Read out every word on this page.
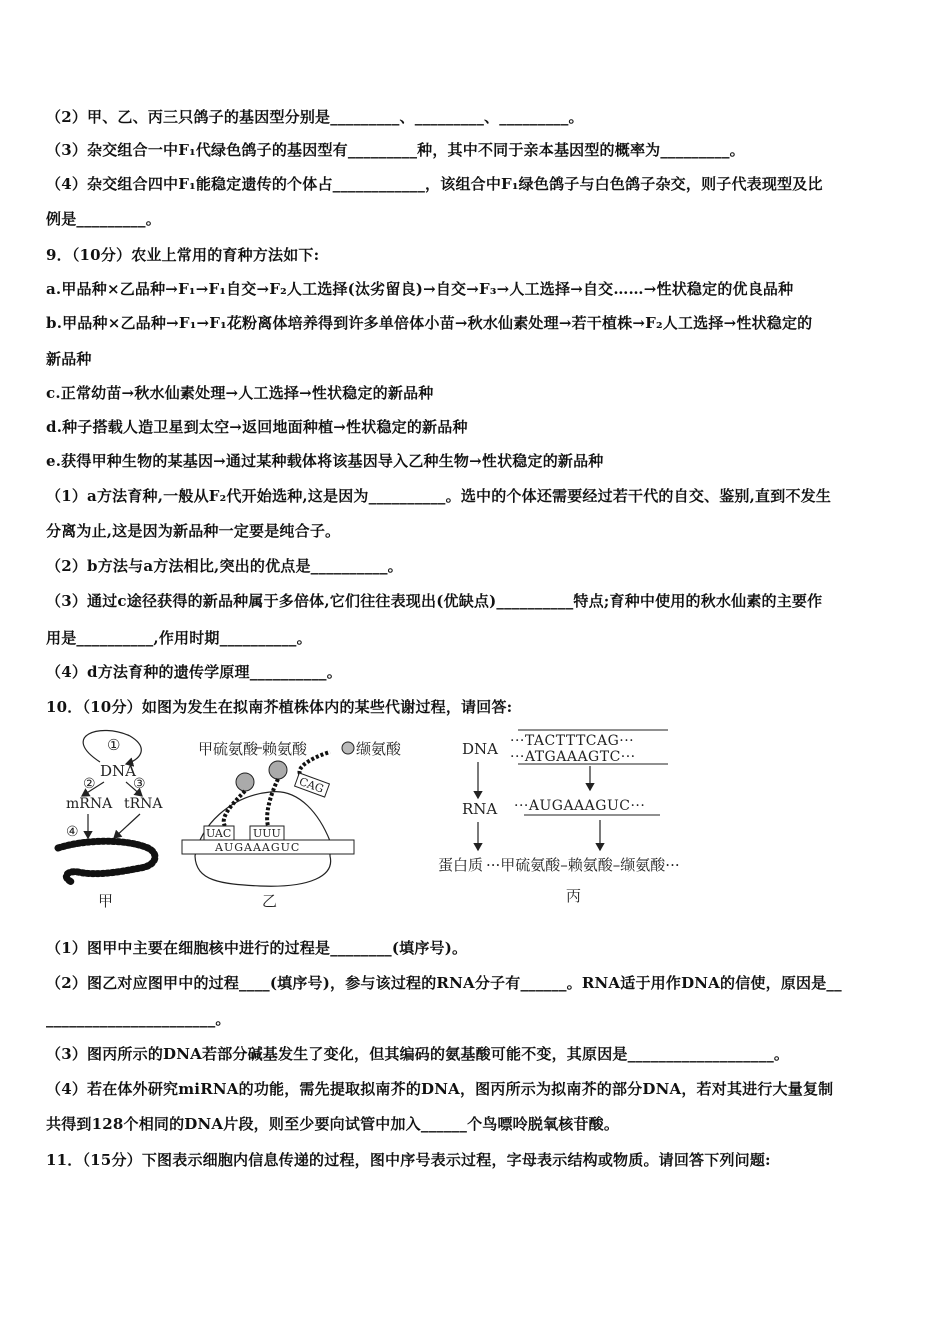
（2）甲、乙、丙三只鸽子的基因型分别是_________、_________、_________。
（3）杂交组合一中F₁代绿色鸽子的基因型有_________种，其中不同于亲本基因型的概率为_________。
（4）杂交组合四中F₁能稳定遗传的个体占____________，该组合中F₁绿色鸽子与白色鸽子杂交，则子代表现型及比
例是_________。
9．（10分）农业上常用的育种方法如下:
a.甲品种×乙品种→F₁→F₁自交→F₂人工选择(汰劣留良)→自交→F₃→人工选择→自交……→性状稳定的优良品种
b.甲品种×乙品种→F₁→F₁花粉离体培养得到许多单倍体小苗→秋水仙素处理→若干植株→F₂人工选择→性状稳定的
新品种
c.正常幼苗→秋水仙素处理→人工选择→性状稳定的新品种
d.种子搭载人造卫星到太空→返回地面种植→性状稳定的新品种
e.获得甲种生物的某基因→通过某种载体将该基因导入乙种生物→性状稳定的新品种
（1）a方法育种,一般从F₂代开始选种,这是因为__________。选中的个体还需要经过若干代的自交、鉴别,直到不发生
分离为止,这是因为新品种一定要是纯合子。
（2）b方法与a方法相比,突出的优点是__________。
（3）通过c途径获得的新品种属于多倍体,它们往往表现出(优缺点)__________特点;育种中使用的秋水仙素的主要作
用是__________,作用时期__________。
（4）d方法育种的遗传学原理__________。
10．（10分）如图为发生在拟南芥植株体内的某些代谢过程，请回答:
①
DNA
②	③
mRNA tRNA
④
甲
甲硫氨酸 赖氨酸	缬氨酸
UAC UUU
CAG
AUGAAAGUC
乙
DNA ···TACTTTCAG···
···ATGAAAGTC···
RNA ···AUGAAAGUC···
蛋白质 ···甲硫氨酸–赖氨酸–缬氨酸···
丙
（1）图甲中主要在细胞核中进行的过程是________(填序号)。
（2）图乙对应图甲中的过程____(填序号)，参与该过程的RNA分子有______。RNA适于用作DNA的信使，原因是__
______________________。
（3）图丙所示的DNA若部分碱基发生了变化，但其编码的氨基酸可能不变，其原因是___________________。
（4）若在体外研究miRNA的功能，需先提取拟南芥的DNA，图丙所示为拟南芥的部分DNA，若对其进行大量复制
共得到128个相同的DNA片段，则至少要向试管中加入______个鸟嘌呤脱氧核苷酸。
11．（15分）下图表示细胞内信息传递的过程，图中序号表示过程，字母表示结构或物质。请回答下列问题:
